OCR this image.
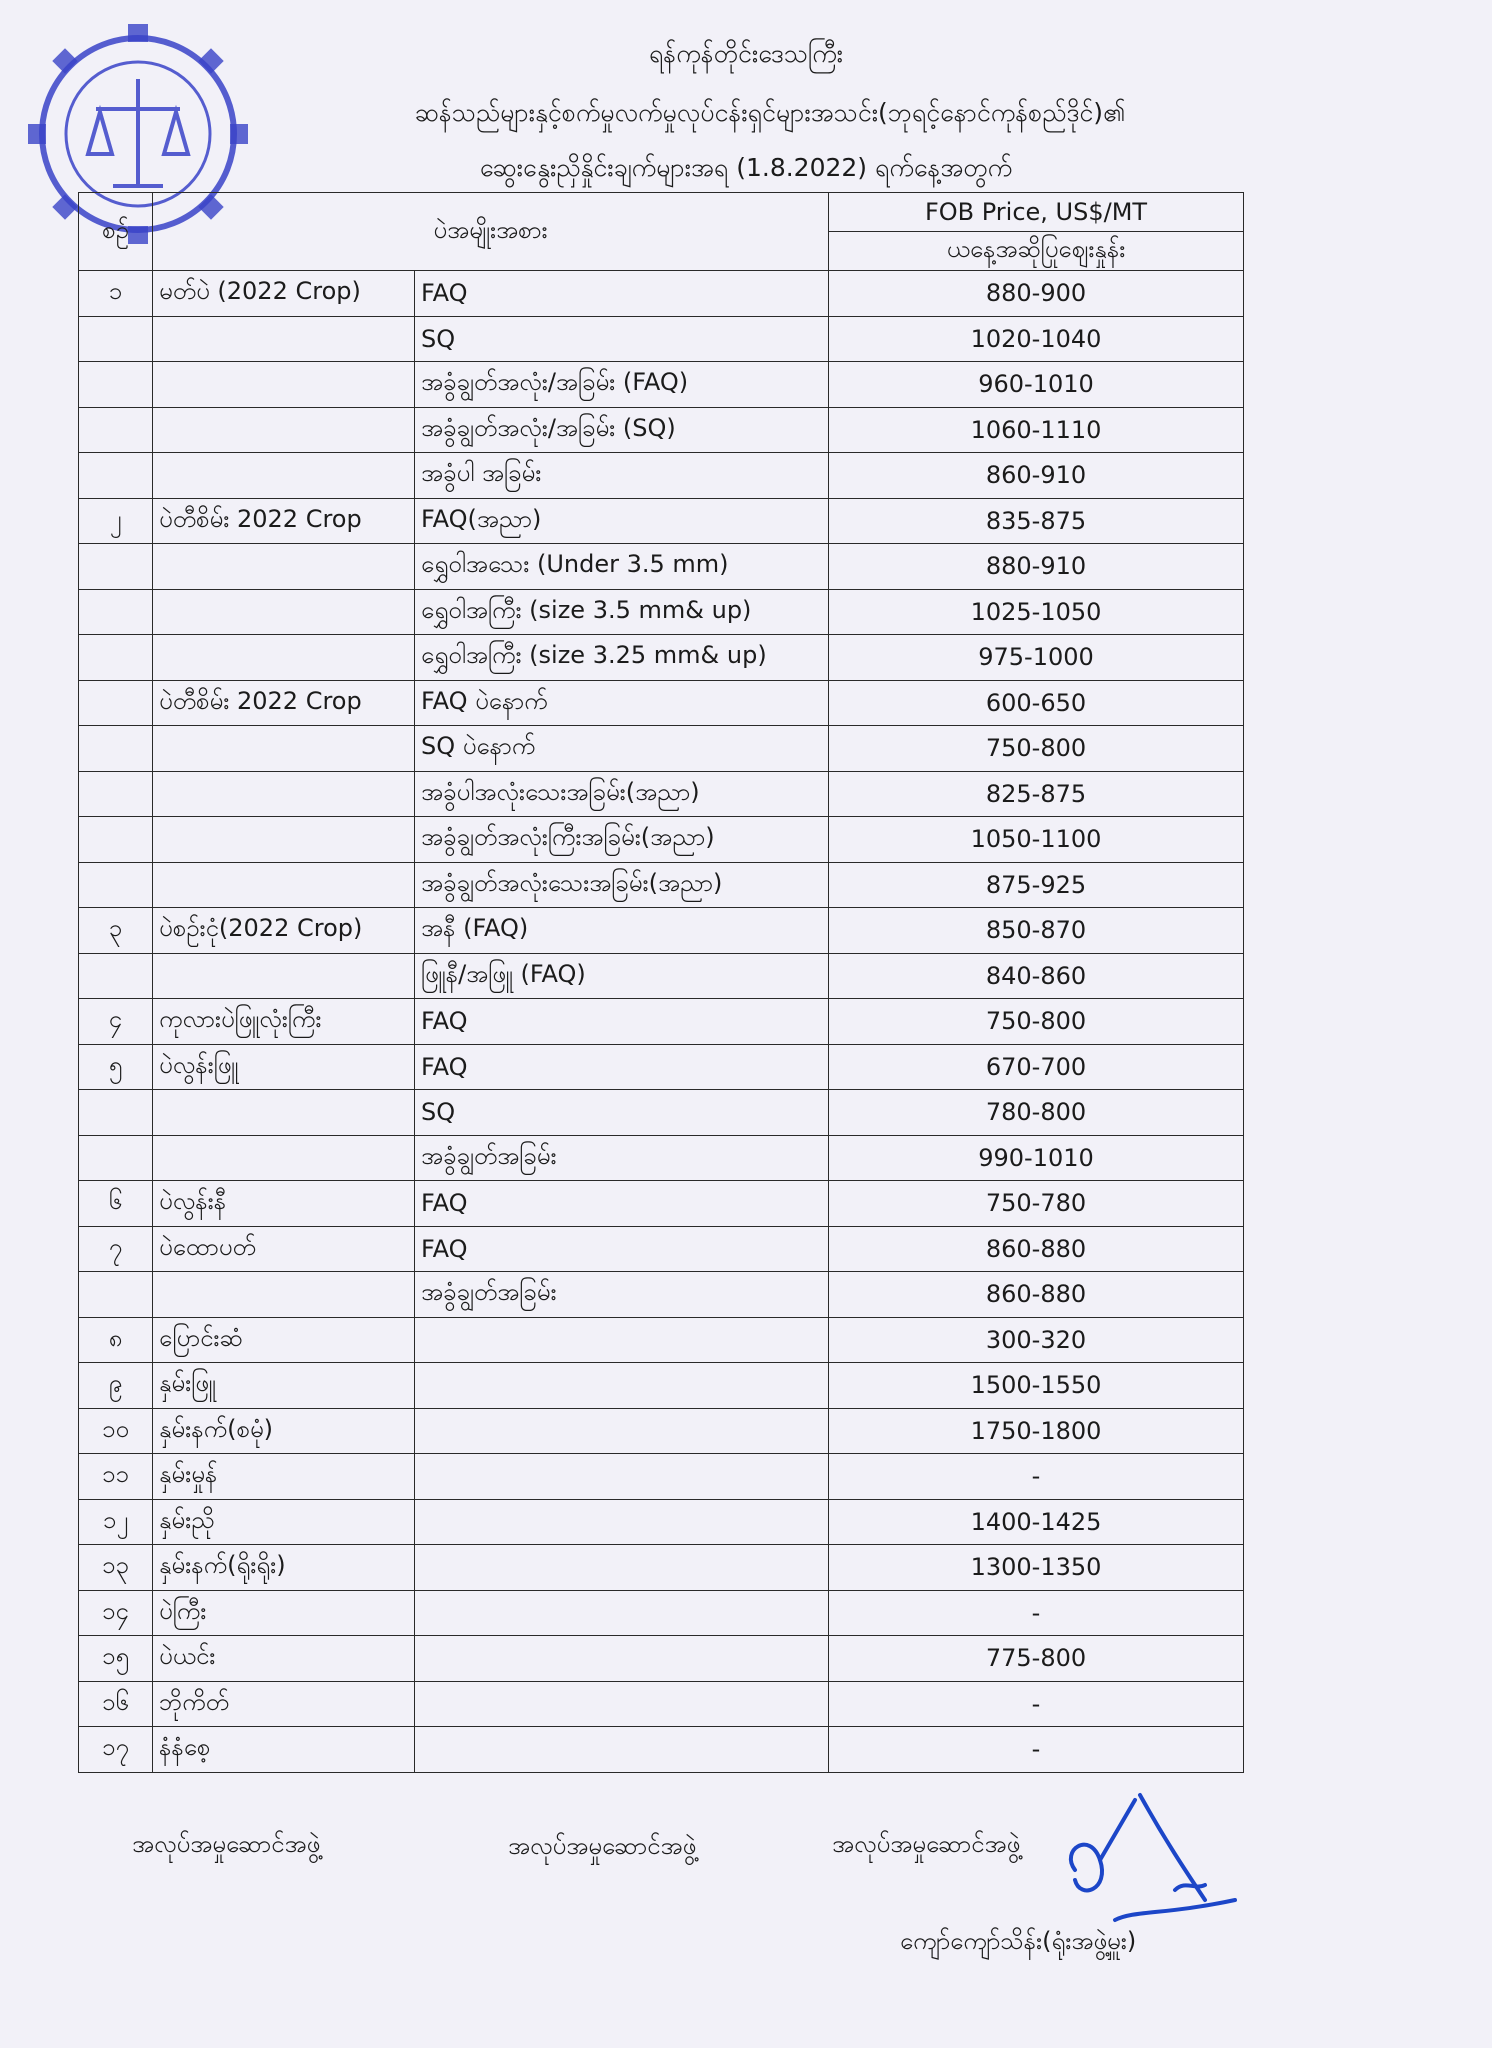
ရန်ကုန်တိုင်းဒေသကြီး
ဆန်သည်များနှင့်စက်မှုလက်မှုလုပ်ငန်းရှင်များအသင်း(ဘုရင့်နောင်ကုန်စည်ဒိုင်)၏
ဆွေးနွေးညှိနှိုင်းချက်များအရ (1.8.2022) ရက်နေ့အတွက်
စဉ်	ပဲအမျိုးအစား		FOB Price, US$/MT
			ယနေ့အဆိုပြုဈေးနှုန်း
၁	မတ်ပဲ (2022 Crop)	FAQ	880-900
		SQ	1020-1040
		အခွံချွတ်အလုံး/အခြမ်း (FAQ)	960-1010
		အခွံချွတ်အလုံး/အခြမ်း (SQ)	1060-1110
		အခွံပါ အခြမ်း	860-910
၂	ပဲတီစိမ်း 2022 Crop	FAQ(အညာ)	835-875
		ရွှေဝါအသေး (Under 3.5 mm)	880-910
		ရွှေဝါအကြီး (size 3.5 mm& up)	1025-1050
		ရွှေဝါအကြီး (size 3.25 mm& up)	975-1000
	ပဲတီစိမ်း 2022 Crop	FAQ ပဲနောက်	600-650
		SQ ပဲနောက်	750-800
		အခွံပါအလုံးသေးအခြမ်း(အညာ)	825-875
		အခွံချွတ်အလုံးကြီးအခြမ်း(အညာ)	1050-1100
		အခွံချွတ်အလုံးသေးအခြမ်း(အညာ)	875-925
၃	ပဲစဉ်းငုံ(2022 Crop)	အနီ (FAQ)	850-870
		ဖြူနီ/အဖြူ (FAQ)	840-860
၄	ကုလားပဲဖြူလုံးကြီး	FAQ	750-800
၅	ပဲလွန်းဖြူ	FAQ	670-700
		SQ	780-800
		အခွံချွတ်အခြမ်း	990-1010
၆	ပဲလွန်းနီ	FAQ	750-780
၇	ပဲထောပတ်	FAQ	860-880
		အခွံချွတ်အခြမ်း	860-880
၈	ပြောင်းဆံ		300-320
၉	နှမ်းဖြူ		1500-1550
၁၀	နှမ်းနက်(စမုံ)		1750-1800
၁၁	နှမ်းမှုန်		-
၁၂	နှမ်းညို		1400-1425
၁၃	နှမ်းနက်(ရိုးရိုး)		1300-1350
၁၄	ပဲကြီး		-
၁၅	ပဲယင်း		775-800
၁၆	ဘိုကိတ်		-
၁၇	နံနံစေ့		-
အလုပ်အမှုဆောင်အဖွဲ့	အလုပ်အမှုဆောင်အဖွဲ့	အလုပ်အမှုဆောင်အဖွဲ့
ကျော်ကျော်သိန်း(ရုံးအဖွဲ့မှူး)
